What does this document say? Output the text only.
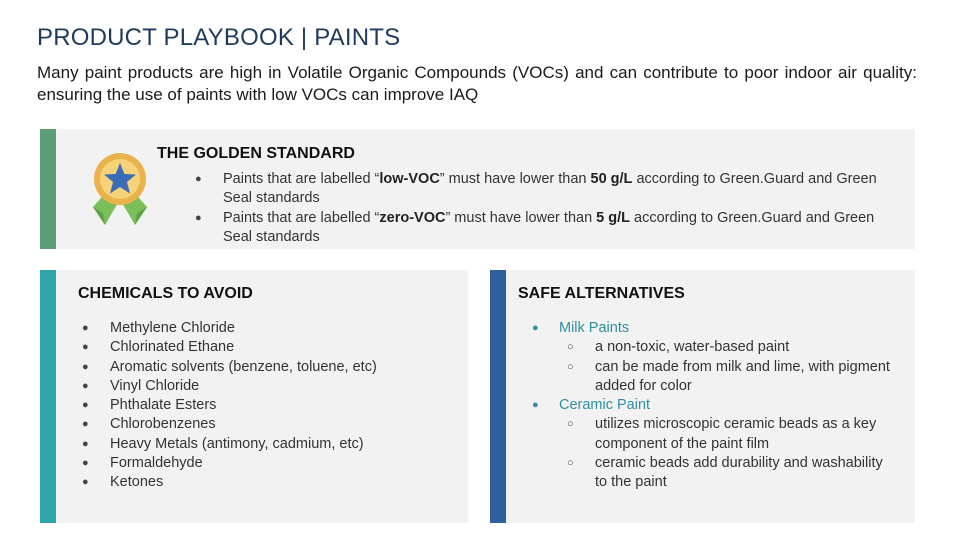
PRODUCT PLAYBOOK | PAINTS
Many paint products are high in Volatile Organic Compounds (VOCs) and can contribute to poor indoor air quality: ensuring the use of paints with low VOCs can improve IAQ
THE GOLDEN STANDARD
● Paints that are labelled “low-VOC” must have lower than 50 g/L according to Green.Guard and Green Seal standards
● Paints that are labelled “zero-VOC” must have lower than 5 g/L according to Green.Guard and Green Seal standards
CHEMICALS TO AVOID
● Methylene Chloride
● Chlorinated Ethane
● Aromatic solvents (benzene, toluene, etc)
● Vinyl Chloride
● Phthalate Esters
● Chlorobenzenes
● Heavy Metals (antimony, cadmium, etc)
● Formaldehyde
● Ketones
SAFE ALTERNATIVES
● Milk Paints
○ a non-toxic, water-based paint
○ can be made from milk and lime, with pigment added for color
● Ceramic Paint
○ utilizes microscopic ceramic beads as a key component of the paint film
○ ceramic beads add durability and washability to the paint
